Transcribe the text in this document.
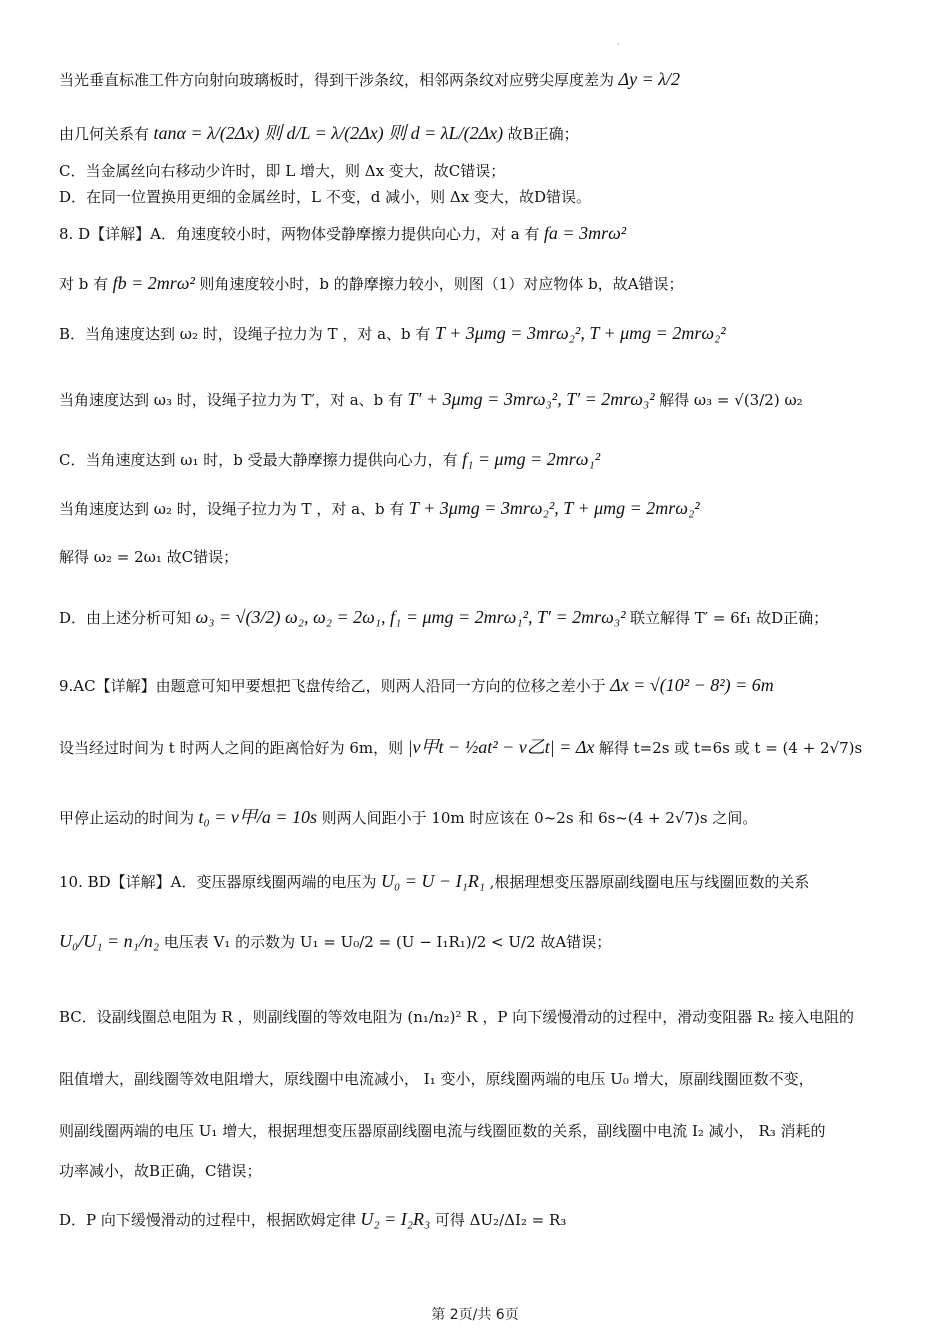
·
当光垂直标准工件方向射向玻璃板时，得到干涉条纹，相邻两条纹对应劈尖厚度差为 Δy = λ/2
由几何关系有 tanα = λ/(2Δx) 则 d/L = λ/(2Δx) 则 d = λL/(2Δx) 故B正确；
C．当金属丝向右移动少许时，即 L 增大，则 Δx 变大，故C错误；
D．在同一位置换用更细的金属丝时，L 不变，d 减小，则 Δx 变大，故D错误。
8. D【详解】A．角速度较小时，两物体受静摩擦力提供向心力，对 a 有 fa = 3mrω²
对 b 有 fb = 2mrω² 则角速度较小时，b 的静摩擦力较小，则图（1）对应物体 b，故A错误；
B．当角速度达到 ω₂ 时，设绳子拉力为 T ，对 a、b 有 T + 3μmg = 3mrω₂², T + μmg = 2mrω₂²
当角速度达到 ω₃ 时，设绳子拉力为 T′，对 a、b 有 T′ + 3μmg = 3mrω₃², T′ = 2mrω₃² 解得 ω₃ = √(3/2) ω₂
C．当角速度达到 ω₁ 时，b 受最大静摩擦力提供向心力，有 f₁ = μmg = 2mrω₁²
当角速度达到 ω₂ 时，设绳子拉力为 T ，对 a、b 有 T + 3μmg = 3mrω₂², T + μmg = 2mrω₂²
解得 ω₂ = 2ω₁ 故C错误；
D．由上述分析可知 ω₃ = √(3/2) ω₂, ω₂ = 2ω₁, f₁ = μmg = 2mrω₁², T′ = 2mrω₃² 联立解得 T′ = 6f₁ 故D正确；
9.AC【详解】由题意可知甲要想把飞盘传给乙，则两人沿同一方向的位移之差小于 Δx = √(10² − 8²) = 6m
设当经过时间为 t 时两人之间的距离恰好为 6m，则 |v甲t − ½at² − v乙t| = Δx 解得 t=2s 或 t=6s 或 t = (4 + 2√7)s
甲停止运动的时间为 t₀ = v甲/a = 10s 则两人间距小于 10m 时应该在 0~2s 和 6s~(4 + 2√7)s 之间。
10. BD【详解】A．变压器原线圈两端的电压为 U₀ = U − I₁R₁ ,根据理想变压器原副线圈电压与线圈匝数的关系
U₀/U₁ = n₁/n₂ 电压表 V₁ 的示数为 U₁ = U₀/2 = (U − I₁R₁)/2 < U/2 故A错误；
BC．设副线圈总电阻为 R ，则副线圈的等效电阻为 (n₁/n₂)² R ，P 向下缓慢滑动的过程中，滑动变阻器 R₂ 接入电阻的
阻值增大，副线圈等效电阻增大，原线圈中电流减小， I₁ 变小，原线圈两端的电压 U₀ 增大，原副线圈匝数不变，
则副线圈两端的电压 U₁ 增大，根据理想变压器原副线圈电流与线圈匝数的关系，副线圈中电流 I₂ 减小， R₃ 消耗的
功率减小，故B正确，C错误；
D．P 向下缓慢滑动的过程中，根据欧姆定律 U₂ = I₂R₃ 可得 ΔU₂/ΔI₂ = R₃
第 2页/共 6页
